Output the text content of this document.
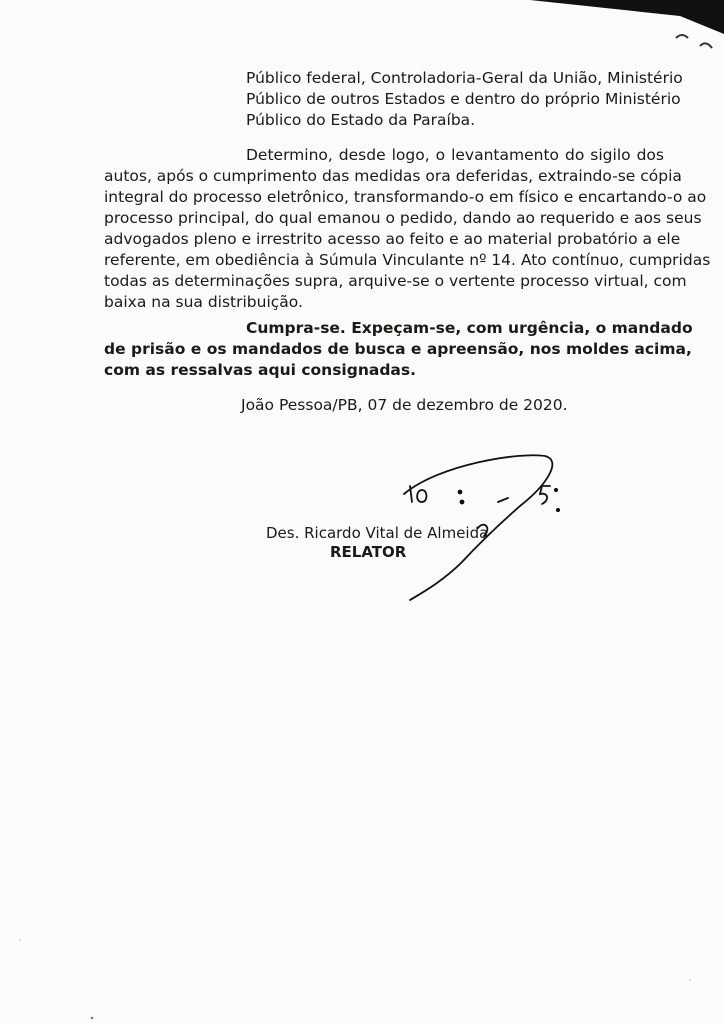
Público federal, Controladoria-Geral da União, Ministério
Público de outros Estados e dentro do próprio Ministério
Público do Estado da Paraíba.

Determino, desde logo, o levantamento do sigilo dos
autos, após o cumprimento das medidas ora deferidas, extraindo-se cópia
integral do processo eletrônico, transformando-o em físico e encartando-o ao
processo principal, do qual emanou o pedido, dando ao requerido e aos seus
advogados pleno e irrestrito acesso ao feito e ao material probatório a ele
referente, em obediência à Súmula Vinculante nº 14. Ato contínuo, cumpridas
todas as determinações supra, arquive-se o vertente processo virtual, com
baixa na sua distribuição.

Cumpra-se. Expeçam-se, com urgência, o mandado
de prisão e os mandados de busca e apreensão, nos moldes acima,
com as ressalvas aqui consignadas.

João Pessoa/PB, 07 de dezembro de 2020.

Des. Ricardo Vital de Almeida

RELATOR
